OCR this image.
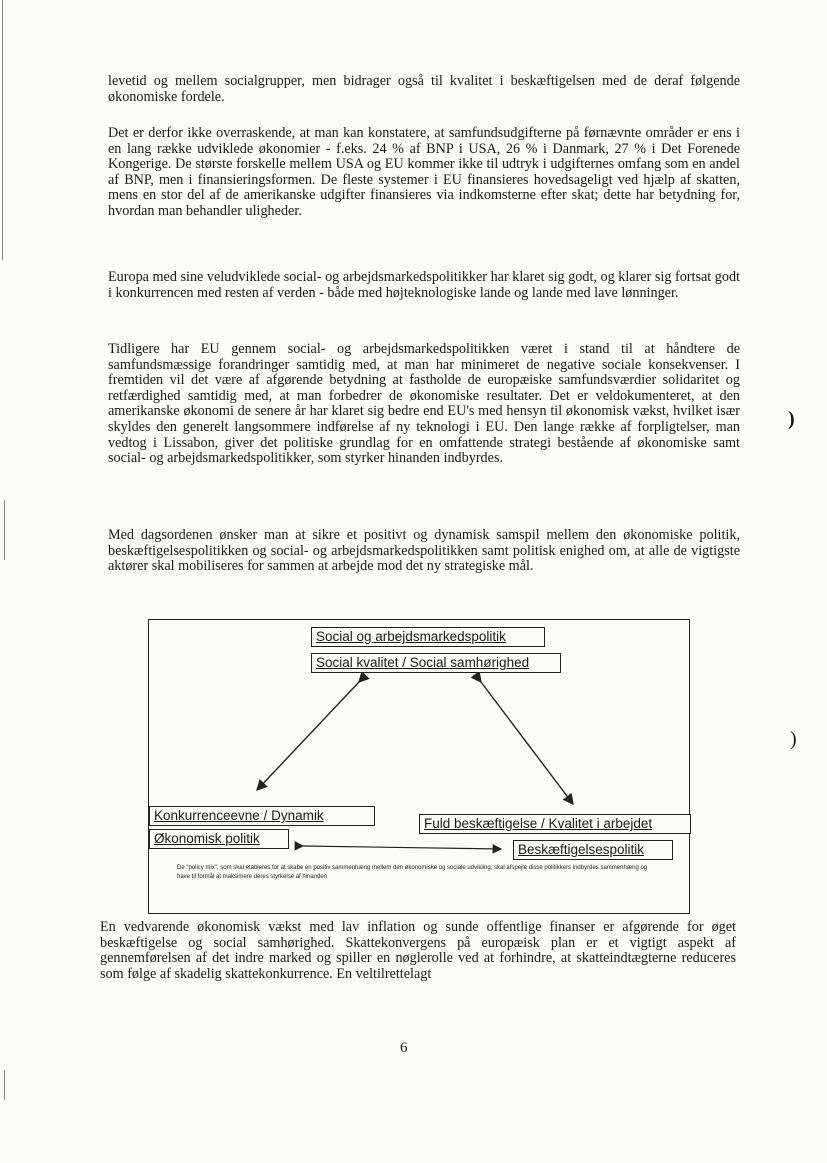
levetid og mellem socialgrupper, men bidrager også til kvalitet i beskæftigelsen med de deraf følgende økonomiske fordele.

Det er derfor ikke overraskende, at man kan konstatere, at samfundsudgifterne på førnævnte områder er ens i en lang række udviklede økonomier - f.eks. 24 % af BNP i USA, 26 % i Danmark, 27 % i Det Forenede Kongerige. De største forskelle mellem USA og EU kommer ikke til udtryk i udgifternes omfang som en andel af BNP, men i finansieringsformen. De fleste systemer i EU finansieres hovedsageligt ved hjælp af skatten, mens en stor del af de amerikanske udgifter finansieres via indkomsterne efter skat; dette har betydning for, hvordan man behandler uligheder.

Europa med sine veludviklede social- og arbejdsmarkedspolitikker har klaret sig godt, og klarer sig fortsat godt i konkurrencen med resten af verden - både med højteknologiske lande og lande med lave lønninger.

Tidligere har EU gennem social- og arbejdsmarkedspolitikken været i stand til at håndtere de samfundsmæssige forandringer samtidig med, at man har minimeret de negative sociale konsekvenser. I fremtiden vil det være af afgørende betydning at fastholde de europæiske samfundsværdier solidaritet og retfærdighed samtidig med, at man forbedrer de økonomiske resultater. Det er veldokumenteret, at den amerikanske økonomi de senere år har klaret sig bedre end EU's med hensyn til økonomisk vækst, hvilket især skyldes den generelt langsommere indførelse af ny teknologi i EU. Den lange række af forpligtelser, man vedtog i Lissabon, giver det politiske grundlag for en omfattende strategi bestående af økonomiske samt social- og arbejdsmarkedspolitikker, som styrker hinanden indbyrdes.

Med dagsordenen ønsker man at sikre et positivt og dynamisk samspil mellem den økonomiske politik, beskæftigelsespolitikken og social- og arbejdsmarkedspolitikken samt politisk enighed om, at alle de vigtigste aktører skal mobiliseres for sammen at arbejde mod det ny strategiske mål.

Social og arbejdsmarkedspolitik
Social kvalitet / Social samhørighed
Konkurrenceevne / Dynamik
Økonomisk politik
Fuld beskæftigelse / Kvalitet i arbejdet
Beskæftigelsespolitik
De "policy mix", som skal etableres for at skabe en positiv sammenhæng mellem den økonomiske og sociale udvikling, skal afspejle disse politikkers indbyrdes sammenhæng og have til formål at maksimere deres styrkelse af hinanden

En vedvarende økonomisk vækst med lav inflation og sunde offentlige finanser er afgørende for øget beskæftigelse og social samhørighed. Skattekonvergens på europæisk plan er et vigtigt aspekt af gennemførelsen af det indre marked og spiller en nøglerolle ved at forhindre, at skatteindtægterne reduceres som følge af skadelig skattekonkurrence. En veltilrettelagt

6
)
)
